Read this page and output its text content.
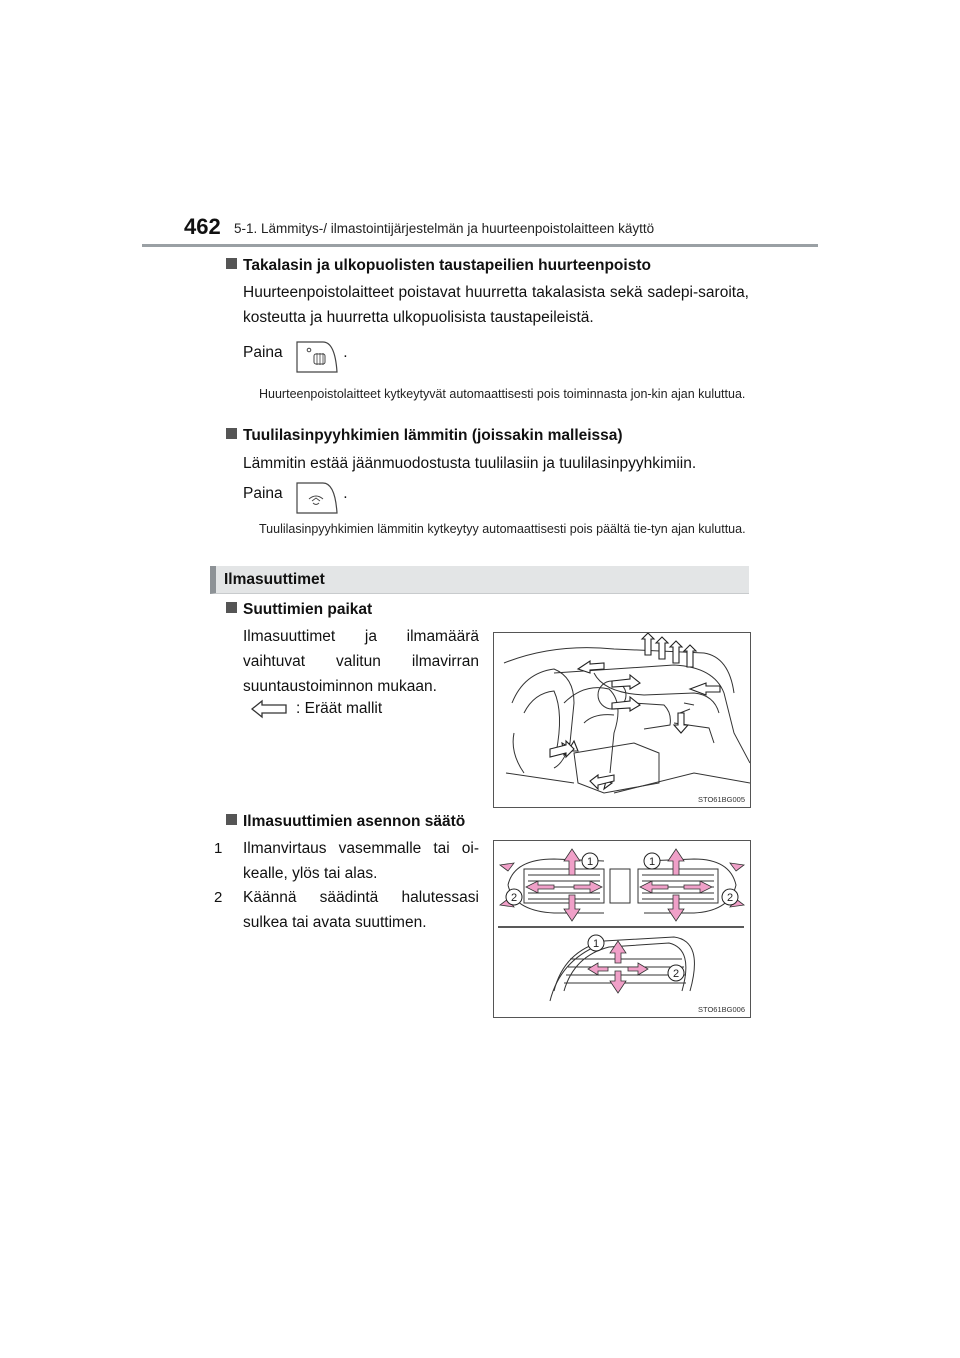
462 5-1. Lämmitys-/ ilmastointijärjestelmän ja huurteenpoistolaitteen käyttö
Takalasin ja ulkopuolisten taustapeilien huurteenpoisto
Huurteenpoistolaitteet poistavat huurretta takalasista sekä sadepi-saroita, kosteutta ja huurretta ulkopuolisista taustapeileistä.
Paina	.
Huurteenpoistolaitteet kytkeytyvät automaattisesti pois toiminnasta jon-kin ajan kuluttua.
Tuulilasinpyyhkimien lämmitin (joissakin malleissa)
Lämmitin estää jäänmuodostusta tuulilasiin ja tuulilasinpyyhkimiin.
Paina	.
Tuulilasinpyyhkimien lämmitin kytkeytyy automaattisesti pois päältä tie-tyn ajan kuluttua.
Ilmasuuttimet
Suuttimien paikat
Ilmasuuttimet ja ilmamäärä vaihtuvat valitun ilmavirran suuntaustoiminnon mukaan.
: Eräät mallit
STO61BG005
Ilmasuuttimien asennon säätö
1 Ilmanvirtaus vasemmalle tai oi-kealle, ylös tai alas.
2 Käännä säädintä halutessasi sulkea tai avata suuttimen.
1	1
2	2
1
2
STO61BG006
